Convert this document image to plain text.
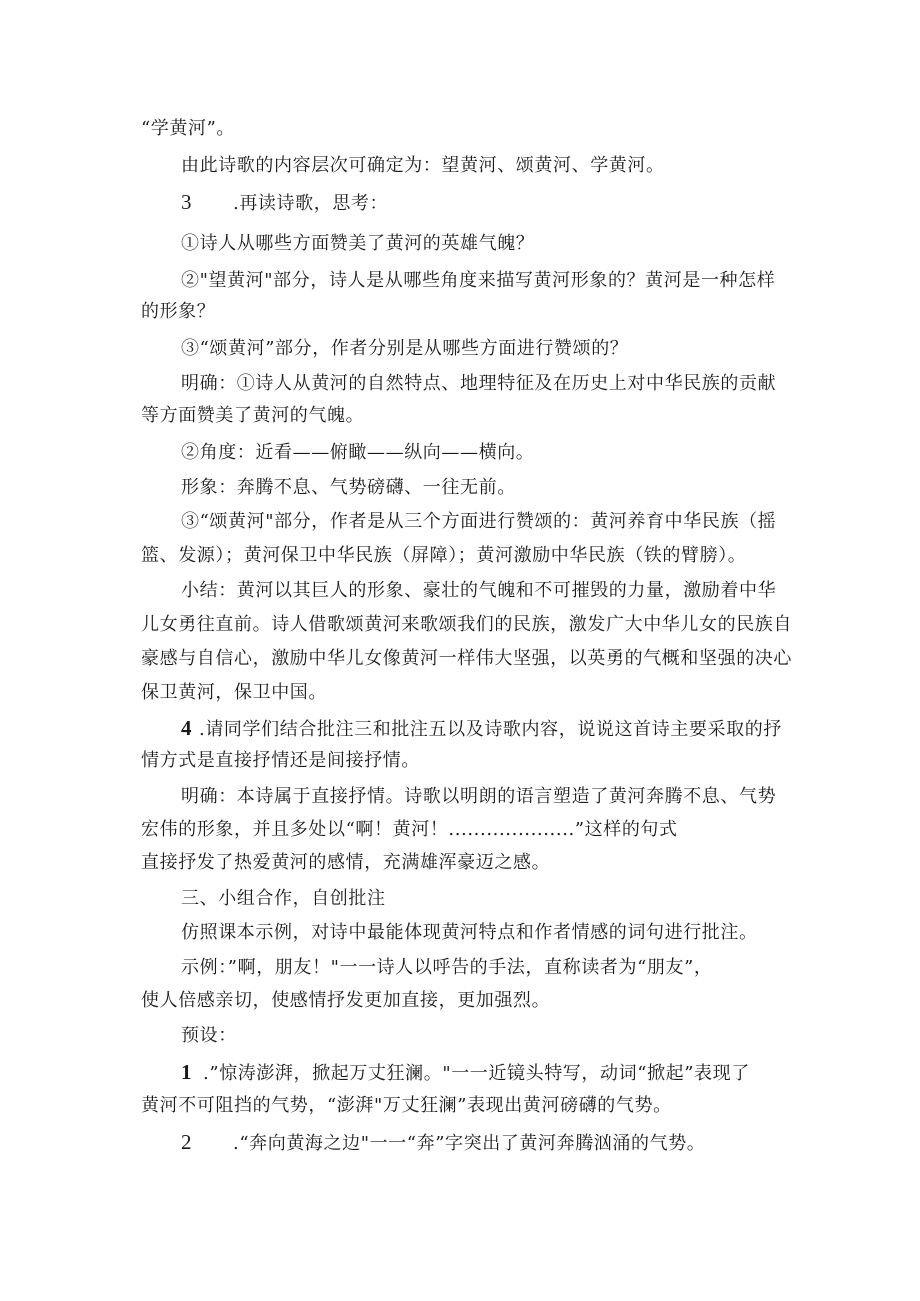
“学黄河”。
由此诗歌的内容层次可确定为：望黄河、颂黄河、学黄河。
3 .再读诗歌，思考：
①诗人从哪些方面赞美了黄河的英雄气魄？
②"望黄河"部分，诗人是从哪些角度来描写黄河形象的？黄河是一种怎样
的形象？
③“颂黄河”部分，作者分别是从哪些方面进行赞颂的？
明确：①诗人从黄河的自然特点、地理特征及在历史上对中华民族的贡献
等方面赞美了黄河的气魄。
②角度：近看——俯瞰——纵向——横向。
形象：奔腾不息、气势磅礴、一往无前。
③“颂黄河"部分，作者是从三个方面进行赞颂的：黄河养育中华民族（摇
篮、发源）；黄河保卫中华民族（屏障）；黄河激励中华民族（铁的臂膀）。
小结：黄河以其巨人的形象、豪壮的气魄和不可摧毁的力量，激励着中华
儿女勇往直前。诗人借歌颂黄河来歌颂我们的民族，激发广大中华儿女的民族自
豪感与自信心，激励中华儿女像黄河一样伟大坚强，以英勇的气概和坚强的决心
保卫黄河，保卫中国。
4 .请同学们结合批注三和批注五以及诗歌内容，说说这首诗主要采取的抒
情方式是直接抒情还是间接抒情。
明确：本诗属于直接抒情。诗歌以明朗的语言塑造了黄河奔腾不息、气势
宏伟的形象，并且多处以“啊！黄河！....................”这样的句式
直接抒发了热爱黄河的感情，充满雄浑豪迈之感。
三、小组合作，自创批注
仿照课本示例，对诗中最能体现黄河特点和作者情感的词句进行批注。
示例：”啊，朋友！"一一诗人以呼告的手法，直称读者为“朋友”，
使人倍感亲切，使感情抒发更加直接，更加强烈。
预设：
1 .”惊涛澎湃，掀起万丈狂澜。"一一近镜头特写，动词“掀起”表现了
黄河不可阻挡的气势，“澎湃"万丈狂澜”表现出黄河磅礴的气势。
2 .“奔向黄海之边"一一“奔”字突出了黄河奔腾汹涌的气势。
